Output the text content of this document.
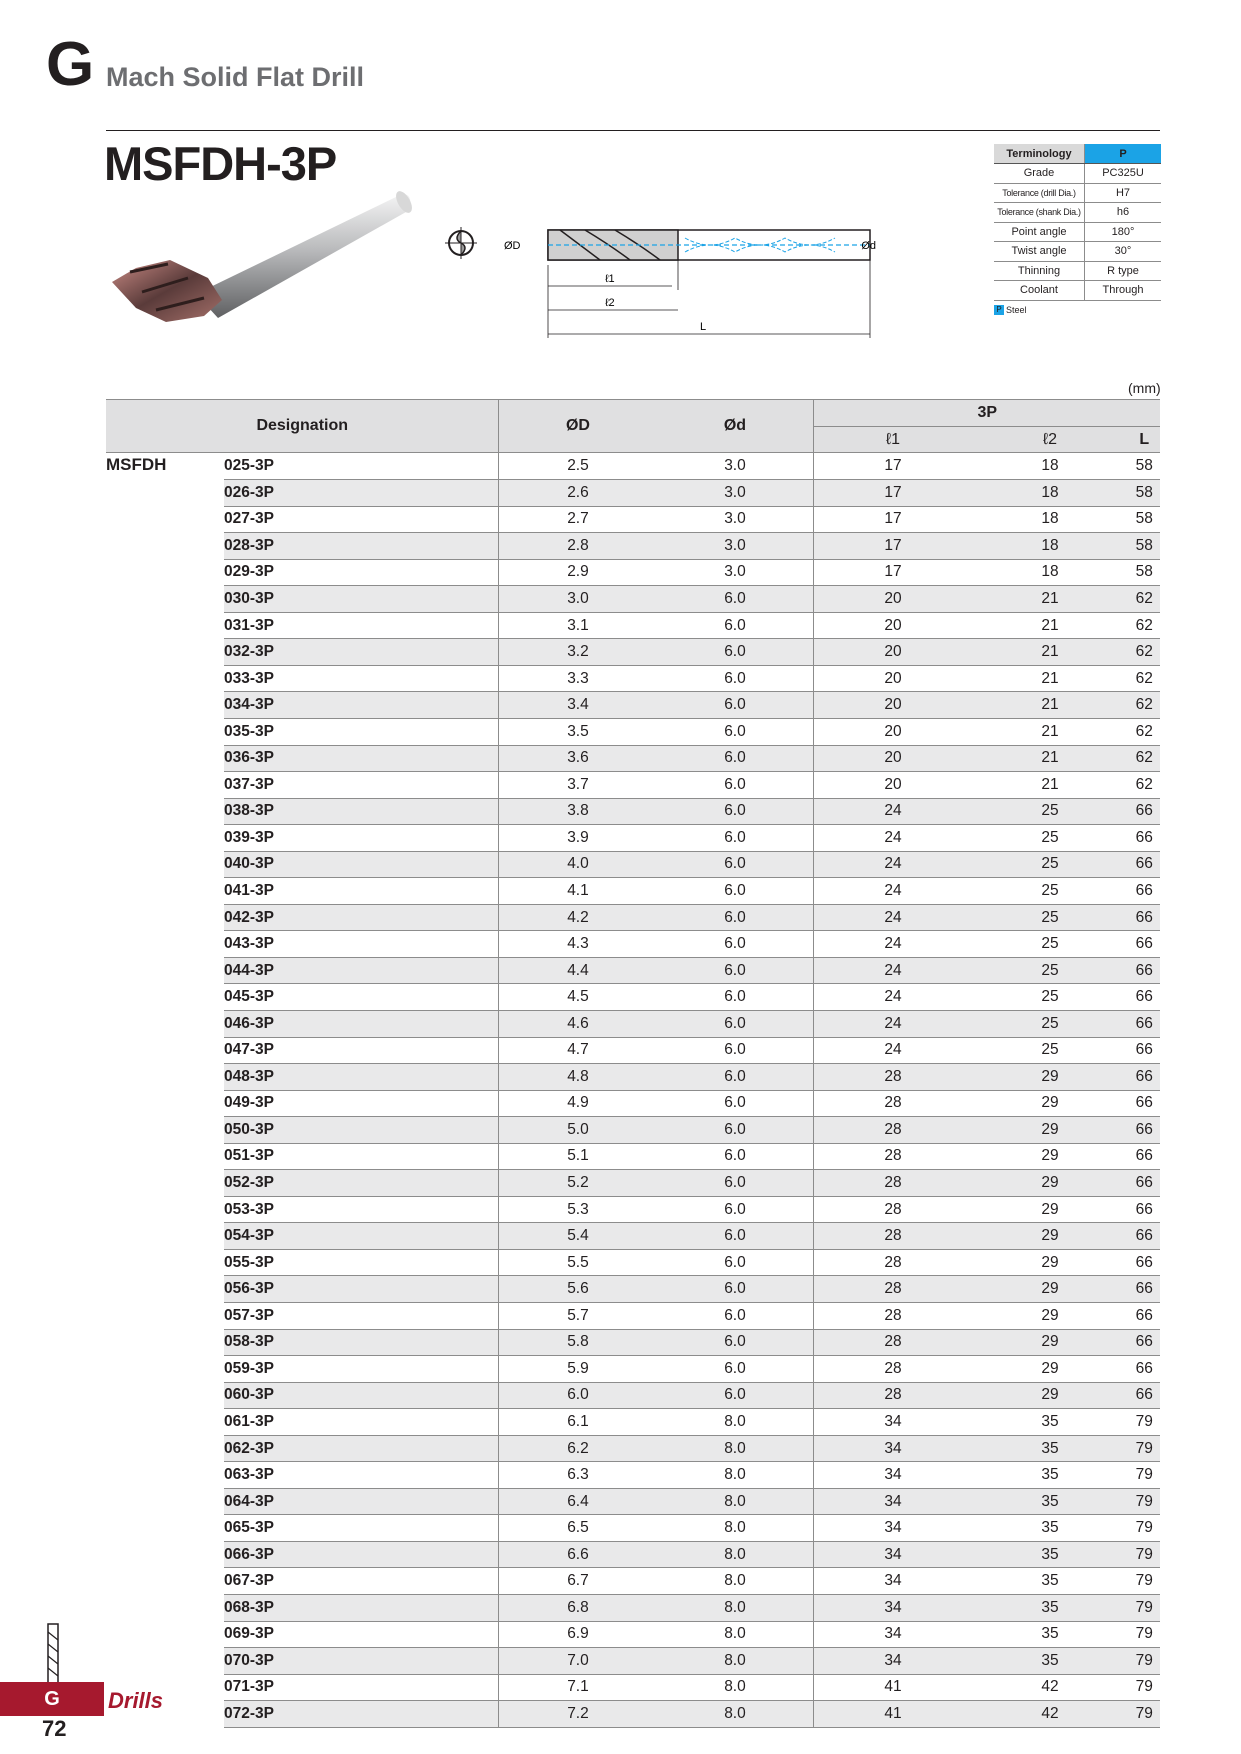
G Mach Solid Flat Drill
MSFDH-3P
ØD	Ød
ℓ1
ℓ2
L
Terminology	P
Grade	PC325U
Tolerance (drill Dia.)	H7
Tolerance (shank Dia.)	h6
Point angle	180°
Twist angle	30°
Thinning	R type
Coolant	Through
P Steel
(mm)
Designation		ØD	Ød	3P		
				ℓ1	ℓ2	L
MSFDH	025-3P	2.5	3.0	17	18	58
	026-3P	2.6	3.0	17	18	58
	027-3P	2.7	3.0	17	18	58
	028-3P	2.8	3.0	17	18	58
	029-3P	2.9	3.0	17	18	58
	030-3P	3.0	6.0	20	21	62
	031-3P	3.1	6.0	20	21	62
	032-3P	3.2	6.0	20	21	62
	033-3P	3.3	6.0	20	21	62
	034-3P	3.4	6.0	20	21	62
	035-3P	3.5	6.0	20	21	62
	036-3P	3.6	6.0	20	21	62
	037-3P	3.7	6.0	20	21	62
	038-3P	3.8	6.0	24	25	66
	039-3P	3.9	6.0	24	25	66
	040-3P	4.0	6.0	24	25	66
	041-3P	4.1	6.0	24	25	66
	042-3P	4.2	6.0	24	25	66
	043-3P	4.3	6.0	24	25	66
	044-3P	4.4	6.0	24	25	66
	045-3P	4.5	6.0	24	25	66
	046-3P	4.6	6.0	24	25	66
	047-3P	4.7	6.0	24	25	66
	048-3P	4.8	6.0	28	29	66
	049-3P	4.9	6.0	28	29	66
	050-3P	5.0	6.0	28	29	66
	051-3P	5.1	6.0	28	29	66
	052-3P	5.2	6.0	28	29	66
	053-3P	5.3	6.0	28	29	66
	054-3P	5.4	6.0	28	29	66
	055-3P	5.5	6.0	28	29	66
	056-3P	5.6	6.0	28	29	66
	057-3P	5.7	6.0	28	29	66
	058-3P	5.8	6.0	28	29	66
	059-3P	5.9	6.0	28	29	66
	060-3P	6.0	6.0	28	29	66
	061-3P	6.1	8.0	34	35	79
	062-3P	6.2	8.0	34	35	79
	063-3P	6.3	8.0	34	35	79
	064-3P	6.4	8.0	34	35	79
	065-3P	6.5	8.0	34	35	79
	066-3P	6.6	8.0	34	35	79
	067-3P	6.7	8.0	34	35	79
	068-3P	6.8	8.0	34	35	79
	069-3P	6.9	8.0	34	35	79
	070-3P	7.0	8.0	34	35	79
	071-3P	7.1	8.0	41	42	79
	072-3P	7.2	8.0	41	42	79
G	Drills
72
